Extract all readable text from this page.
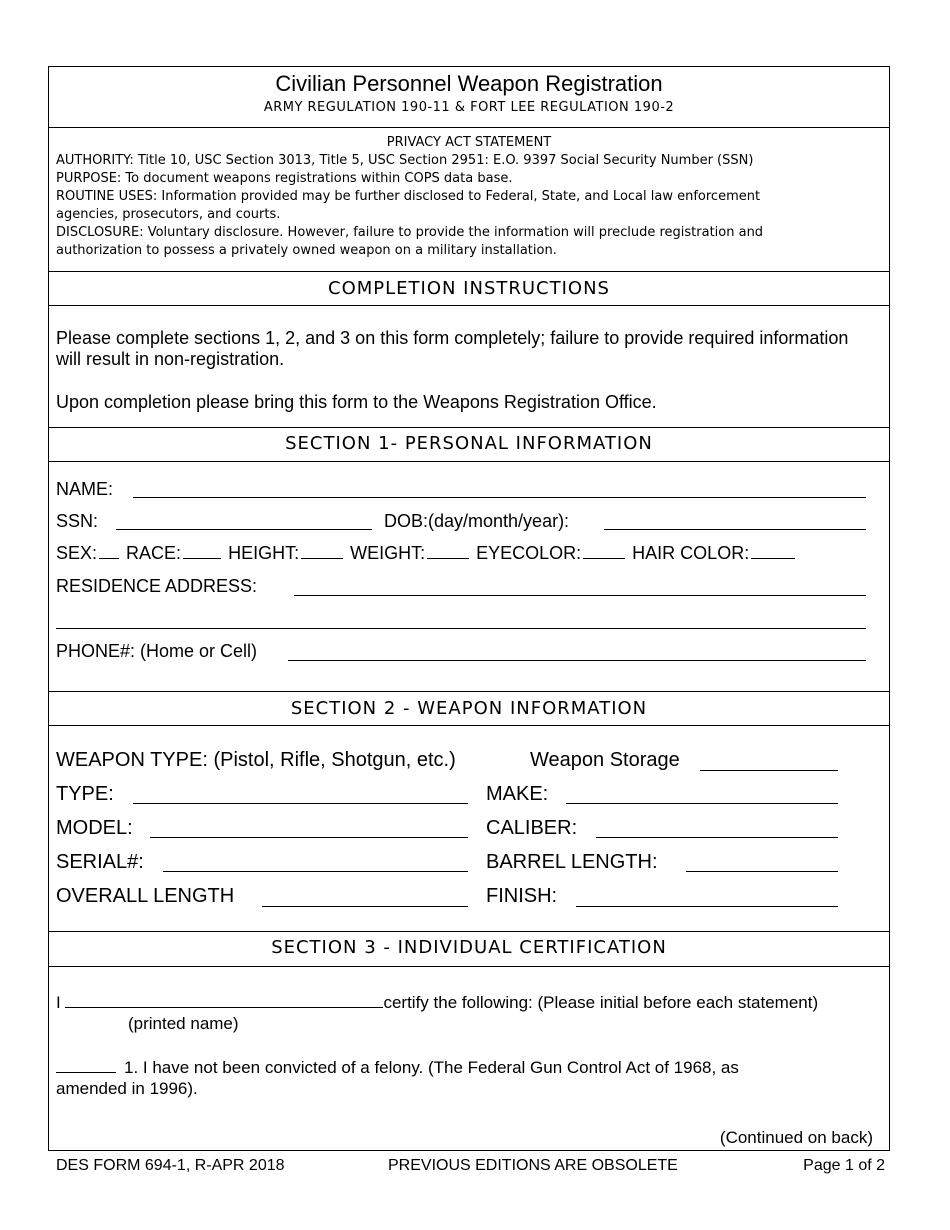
Civilian Personnel Weapon Registration
ARMY REGULATION 190-11 & FORT LEE REGULATION 190-2
PRIVACY ACT STATEMENT
AUTHORITY: Title 10, USC Section 3013, Title 5, USC Section 2951: E.O. 9397 Social Security Number (SSN)
PURPOSE: To document weapons registrations within COPS data base.
ROUTINE USES: Information provided may be further disclosed to Federal, State, and Local law enforcement
agencies, prosecutors, and courts.
DISCLOSURE: Voluntary disclosure. However, failure to provide the information will preclude registration and
authorization to possess a privately owned weapon on a military installation.
COMPLETION INSTRUCTIONS
Please complete sections 1, 2, and 3 on this form completely; failure to provide required information
will result in non-registration.
Upon completion please bring this form to the Weapons Registration Office.
SECTION 1- PERSONAL INFORMATION
NAME:
SSN:	DOB:(day/month/year):
SEX: RACE:	HEIGHT:	WEIGHT:	EYECOLOR:	HAIR COLOR:
RESIDENCE ADDRESS:
PHONE#: (Home or Cell)
SECTION 2 - WEAPON INFORMATION
WEAPON TYPE: (Pistol, Rifle, Shotgun, etc.)	Weapon Storage
TYPE:	MAKE:
MODEL:	CALIBER:
SERIAL#:	BARREL LENGTH:
OVERALL LENGTH	FINISH:
SECTION 3 - INDIVIDUAL CERTIFICATION
I	certify the following: (Please initial before each statement)
(printed name)
1. I have not been convicted of a felony. (The Federal Gun Control Act of 1968, as
amended in 1996).
(Continued on back)
DES FORM 694-1, R-APR 2018	PREVIOUS EDITIONS ARE OBSOLETE	Page 1 of 2
